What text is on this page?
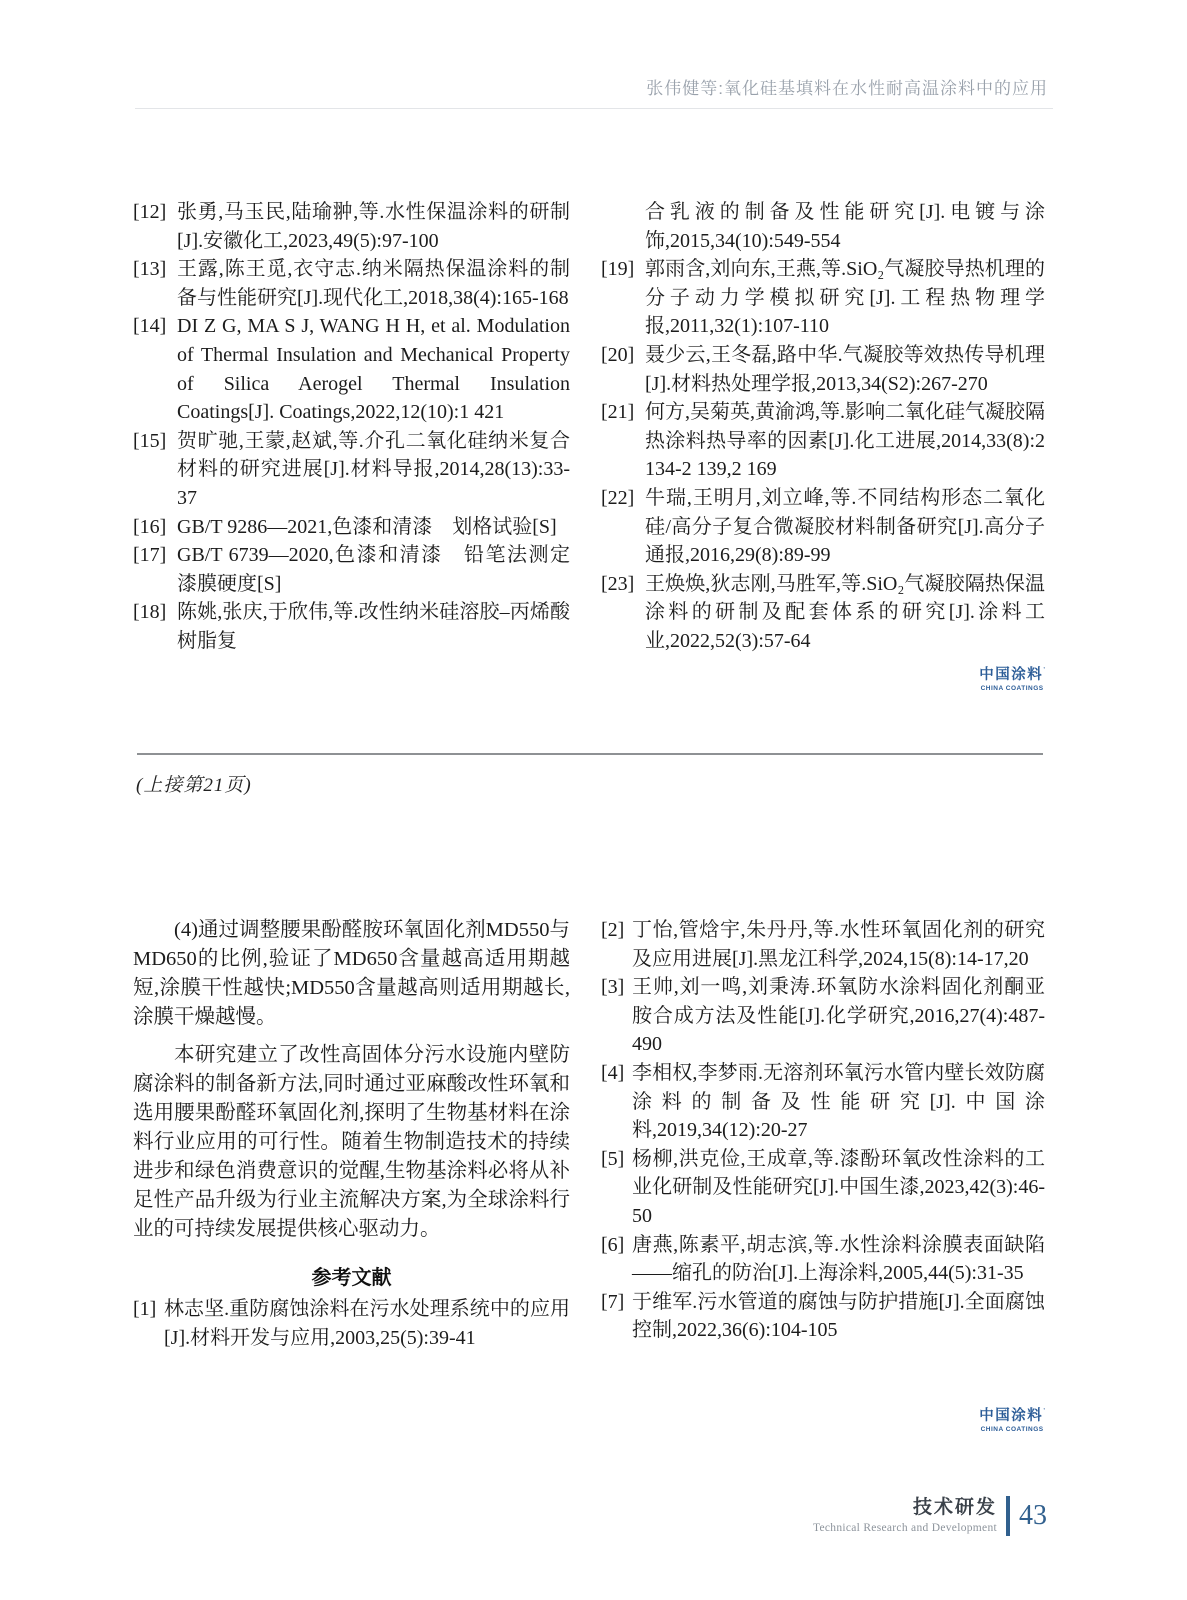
张伟健等:氧化硅基填料在水性耐高温涂料中的应用
[12] 张勇,马玉民,陆瑜翀,等.水性保温涂料的研制[J].安徽化工,2023,49(5):97-100
[13] 王露,陈王觅,衣守志.纳米隔热保温涂料的制备与性能研究[J].现代化工,2018,38(4):165-168
[14] DI Z G, MA S J, WANG H H, et al. Modulation of Thermal Insulation and Mechanical Property of Silica Aerogel Thermal Insulation Coatings[J]. Coatings,2022,12(10):1 421
[15] 贺旷驰,王蒙,赵斌,等.介孔二氧化硅纳米复合材料的研究进展[J].材料导报,2014,28(13):33-37
[16] GB/T 9286—2021,色漆和清漆　划格试验[S]
[17] GB/T 6739—2020,色漆和清漆　铅笔法测定漆膜硬度[S]
[18] 陈姚,张庆,于欣伟,等.改性纳米硅溶胶–丙烯酸树脂复
合乳液的制备及性能研究[J].电镀与涂饰,2015,34(10):549-554
[19] 郭雨含,刘向东,王燕,等.SiO₂气凝胶导热机理的分子动力学模拟研究[J].工程热物理学报,2011,32(1):107-110
[20] 聂少云,王冬磊,路中华.气凝胶等效热传导机理[J].材料热处理学报,2013,34(S2):267-270
[21] 何方,吴菊英,黄渝鸿,等.影响二氧化硅气凝胶隔热涂料热导率的因素[J].化工进展,2014,33(8):2 134-2 139,2 169
[22] 牛瑞,王明月,刘立峰,等.不同结构形态二氧化硅/高分子复合微凝胶材料制备研究[J].高分子通报,2016,29(8):89-99
[23] 王焕焕,狄志刚,马胜军,等.SiO₂气凝胶隔热保温涂料的研制及配套体系的研究[J].涂料工业,2022,52(3):57-64
中国涂料’
CHINA COATINGS
(上接第21页)

(4)通过调整腰果酚醛胺环氧固化剂MD550与MD650的比例,验证了MD650含量越高适用期越短,涂膜干性越快;MD550含量越高则适用期越长,涂膜干燥越慢。

本研究建立了改性高固体分污水设施内壁防腐涂料的制备新方法,同时通过亚麻酸改性环氧和选用腰果酚醛环氧固化剂,探明了生物基材料在涂料行业应用的可行性。随着生物制造技术的持续进步和绿色消费意识的觉醒,生物基涂料必将从补足性产品升级为行业主流解决方案,为全球涂料行业的可持续发展提供核心驱动力。

参考文献
[1] 林志坚.重防腐蚀涂料在污水处理系统中的应用[J].材料开发与应用,2003,25(5):39-41
[2] 丁怡,管焓宇,朱丹丹,等.水性环氧固化剂的研究及应用进展[J].黑龙江科学,2024,15(8):14-17,20
[3] 王帅,刘一鸣,刘秉涛.环氧防水涂料固化剂酮亚胺合成方法及性能[J].化学研究,2016,27(4):487-490
[4] 李相权,李梦雨.无溶剂环氧污水管内壁长效防腐涂料的制备及性能研究[J].中国涂料,2019,34(12):20-27
[5] 杨柳,洪克俭,王成章,等.漆酚环氧改性涂料的工业化研制及性能研究[J].中国生漆,2023,42(3):46-50
[6] 唐燕,陈素平,胡志滨,等.水性涂料涂膜表面缺陷——缩孔的防治[J].上海涂料,2005,44(5):31-35
[7] 于维军.污水管道的腐蚀与防护措施[J].全面腐蚀控制,2022,36(6):104-105
中国涂料’
CHINA COATINGS
技术研发
Technical Research and Development 43
